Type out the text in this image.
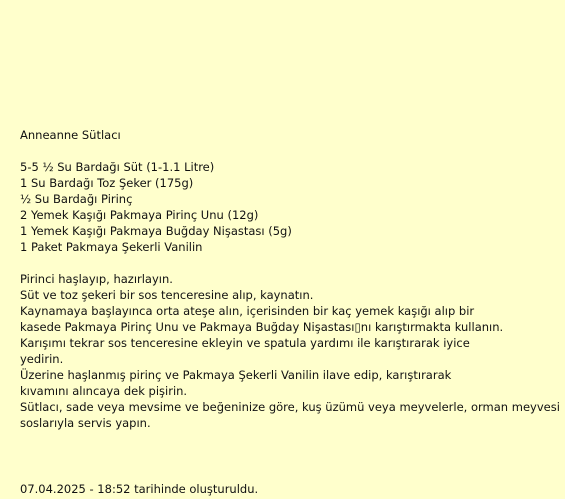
Anneanne Sütlacı
5-5 ½ Su Bardağı Süt (1-1.1 Litre)
1 Su Bardağı Toz Şeker (175g)
½ Su Bardağı Pirinç
2 Yemek Kaşığı Pakmaya Pirinç Unu (12g)
1 Yemek Kaşığı Pakmaya Buğday Nişastası (5g)
1 Paket Pakmaya Şekerli Vanilin
Pirinci haşlayıp, hazırlayın.
Süt ve toz şekeri bir sos tenceresine alıp, kaynatın.
Kaynamaya başlayınca orta ateşe alın, içerisinden bir kaç yemek kaşığı alıp bir
kasede Pakmaya Pirinç Unu ve Pakmaya Buğday Nişastası▯nı karıştırmakta kullanın.
Karışımı tekrar sos tenceresine ekleyin ve spatula yardımı ile karıştırarak iyice
yedirin.
Üzerine haşlanmış pirinç ve Pakmaya Şekerli Vanilin ilave edip, karıştırarak
kıvamını alıncaya dek pişirin.
Sütlacı, sade veya mevsime ve beğeninize göre, kuş üzümü veya meyvelerle, orman meyvesi
soslarıyla servis yapın.
07.04.2025 - 18:52 tarihinde oluşturuldu.
